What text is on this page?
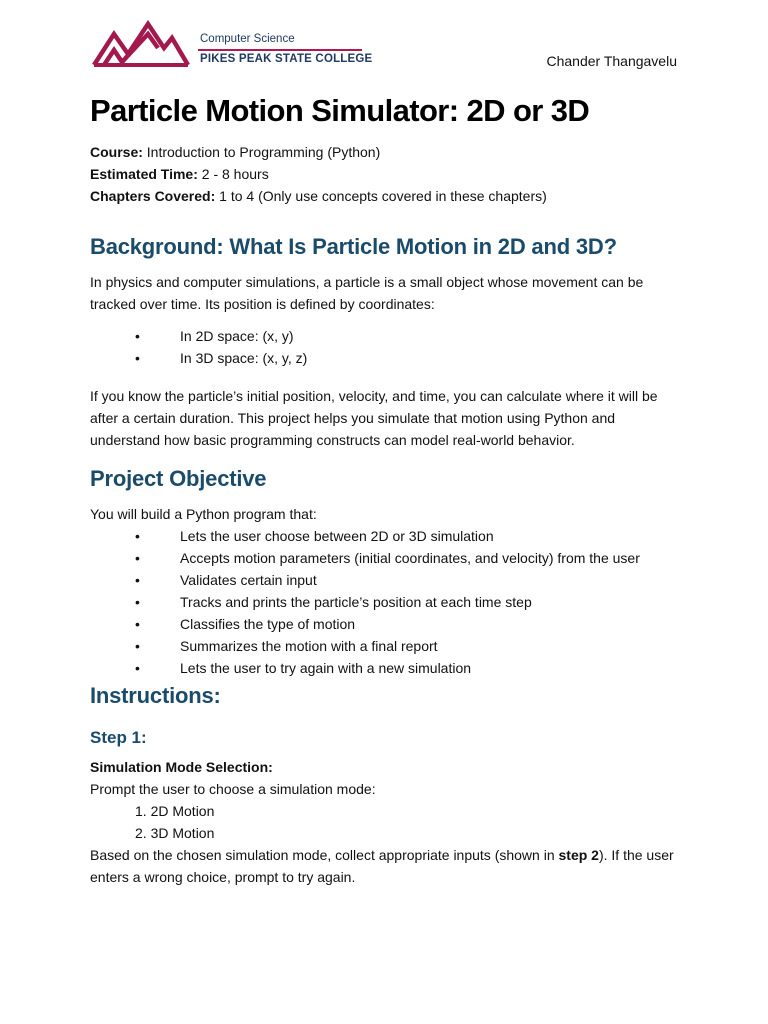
Computer Science
PIKES PEAK STATE COLLEGE	Chander Thangavelu
Particle Motion Simulator: 2D or 3D
Course: Introduction to Programming (Python)
Estimated Time: 2 - 8 hours
Chapters Covered: 1 to 4 (Only use concepts covered in these chapters)
Background: What Is Particle Motion in 2D and 3D?

In physics and computer simulations, a particle is a small object whose movement can be tracked over time. Its position is defined by coordinates:

•	In 2D space: (x, y)
•	In 3D space: (x, y, z)

If you know the particle’s initial position, velocity, and time, you can calculate where it will be after a certain duration. This project helps you simulate that motion using Python and understand how basic programming constructs can model real-world behavior.

Project Objective

You will build a Python program that:

•	Lets the user choose between 2D or 3D simulation
•	Accepts motion parameters (initial coordinates, and velocity) from the user
•	Validates certain input
•	Tracks and prints the particle’s position at each time step
•	Classifies the type of motion
•	Summarizes the motion with a final report
•	Lets the user to try again with a new simulation
Instructions:
Step 1:

Simulation Mode Selection:

Prompt the user to choose a simulation mode:

1. 2D Motion
2. 3D Motion

Based on the chosen simulation mode, collect appropriate inputs (shown in step 2). If the user enters a wrong choice, prompt to try again.
